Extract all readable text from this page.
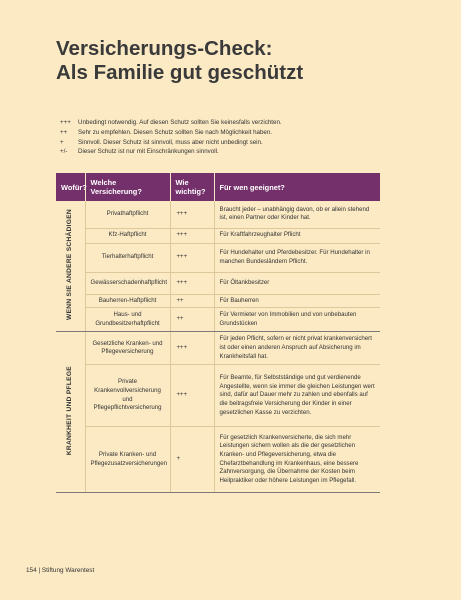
Versicherungs-Check:
Als Familie gut geschützt
+++	Unbedingt notwendig. Auf diesen Schutz sollten Sie keinesfalls verzichten.
++	Sehr zu empfehlen. Diesen Schutz sollten Sie nach Möglichkeit haben.
+	Sinnvoll. Dieser Schutz ist sinnvoll, muss aber nicht unbedingt sein.
+/-	Dieser Schutz ist nur mit Einschränkungen sinnvoll.
Wofür?	Welche Versicherung?	Wie wichtig?	Für wen geeignet?
WENN SIE ANDERE SCHÄDIGEN	Privathaftpflicht	+++	Braucht jeder – unabhängig davon, ob er allein stehend ist, einen Partner oder Kinder hat.
	Kfz-Haftpflicht	+++	Für Kraftfahrzeughalter Pflicht
	Tierhalterhaftpflicht	+++	Für Hundehalter und Pferdebesitzer. Für Hundehalter in manchen Bundesländern Pflicht.
	Gewässerschadenhaftpflicht	+++	Für Öltankbesitzer
	Bauherren-Haftpflicht	++	Für Bauherren
	Haus- und Grundbesitzerhaftpflicht	++	Für Vermieter von Immobilien und von unbebauten Grundstücken
KRANKHEIT UND PFLEGE	Gesetzliche Kranken- und Pflegeversicherung	+++	Für jeden Pflicht, sofern er nicht privat krankenversichert ist oder einen anderen Anspruch auf Absicherung im Krankheitsfall hat.
	Private Krankenvollversicherung und Pflegepflichtversicherung	+++	Für Beamte, für Selbstständige und gut verdienende Angestellte, wenn sie immer die gleichen Leistungen wert sind, dafür auf Dauer mehr zu zahlen und ebenfalls auf die beitragsfreie Versicherung der Kinder in einer gesetzlichen Kasse zu verzichten.
	Private Kranken- und Pflegezusatzversicherungen	+	Für gesetzlich Krankenversicherte, die sich mehr Leistungen sichern wollen als die der gesetzlichen Kranken- und Pflegeversicherung, etwa die Chefarztbehandlung im Krankenhaus, eine bessere Zahnversorgung, die Übernahme der Kosten beim Heilpraktiker oder höhere Leistungen im Pflegefall.
154 | Stiftung Warentest
